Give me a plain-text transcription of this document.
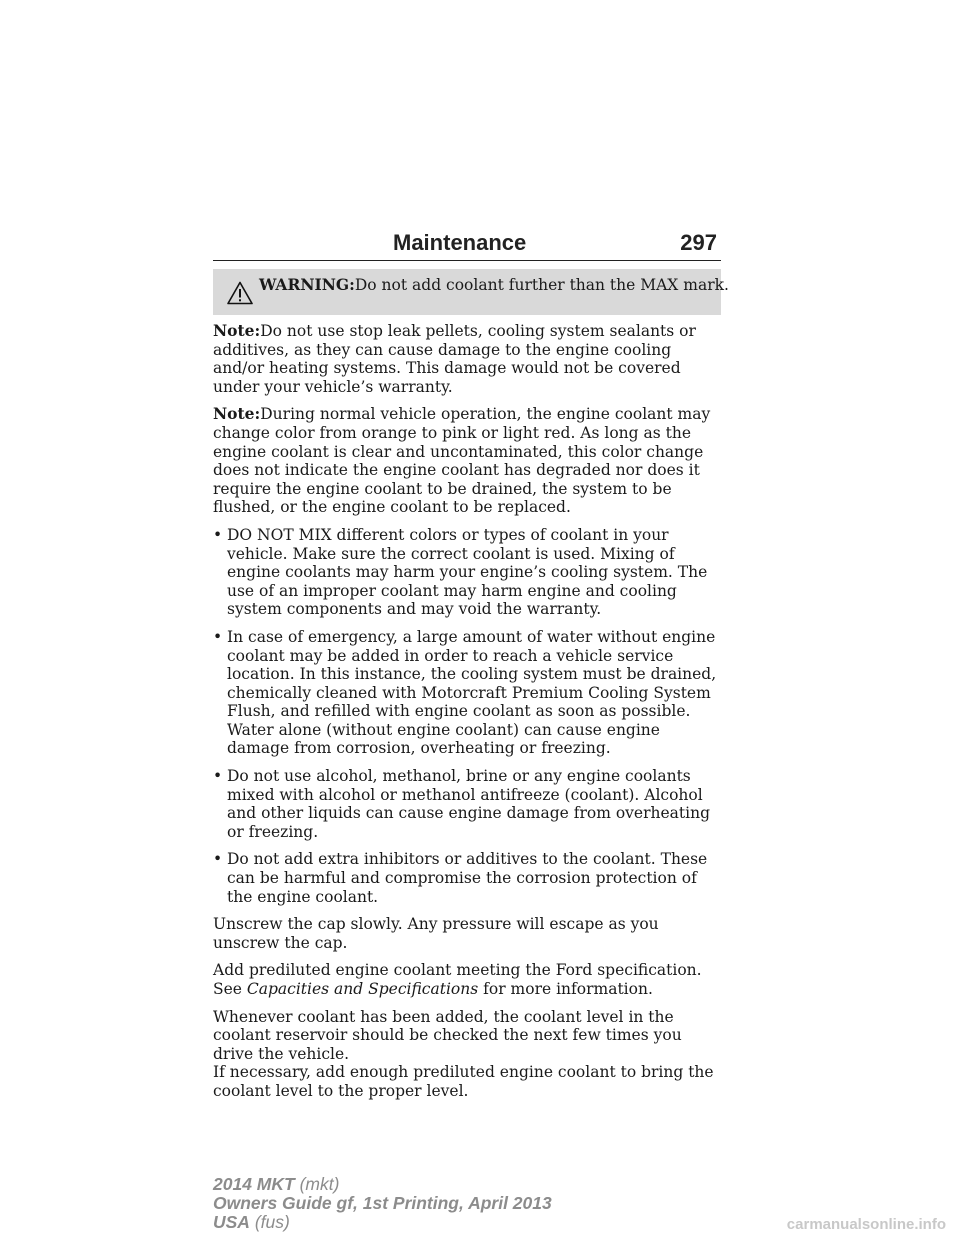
Maintenance	297
WARNING:Do not add coolant further than the MAX mark.

Note:Do not use stop leak pellets, cooling system sealants or additives, as they can cause damage to the engine cooling and/or heating systems. This damage would not be covered under your vehicle’s warranty.

Note:During normal vehicle operation, the engine coolant may change color from orange to pink or light red. As long as the engine coolant is clear and uncontaminated, this color change does not indicate the engine coolant has degraded nor does it require the engine coolant to be drained, the system to be flushed, or the engine coolant to be replaced.

• DO NOT MIX different colors or types of coolant in your vehicle. Make sure the correct coolant is used. Mixing of engine coolants may harm your engine’s cooling system. The use of an improper coolant may harm engine and cooling system components and may void the warranty.
• In case of emergency, a large amount of water without engine coolant may be added in order to reach a vehicle service location. In this instance, the cooling system must be drained, chemically cleaned with Motorcraft Premium Cooling System Flush, and refilled with engine coolant as soon as possible. Water alone (without engine coolant) can cause engine damage from corrosion, overheating or freezing.
• Do not use alcohol, methanol, brine or any engine coolants mixed with alcohol or methanol antifreeze (coolant). Alcohol and other liquids can cause engine damage from overheating or freezing.
• Do not add extra inhibitors or additives to the coolant. These can be harmful and compromise the corrosion protection of the engine coolant.

Unscrew the cap slowly. Any pressure will escape as you unscrew the cap.

Add prediluted engine coolant meeting the Ford specification.
See Capacities and Specifications for more information.

Whenever coolant has been added, the coolant level in the coolant reservoir should be checked the next few times you drive the vehicle.
If necessary, add enough prediluted engine coolant to bring the coolant level to the proper level.

2014 MKT (mkt)
Owners Guide gf, 1st Printing, April 2013
USA (fus)	carmanualsonline.info
